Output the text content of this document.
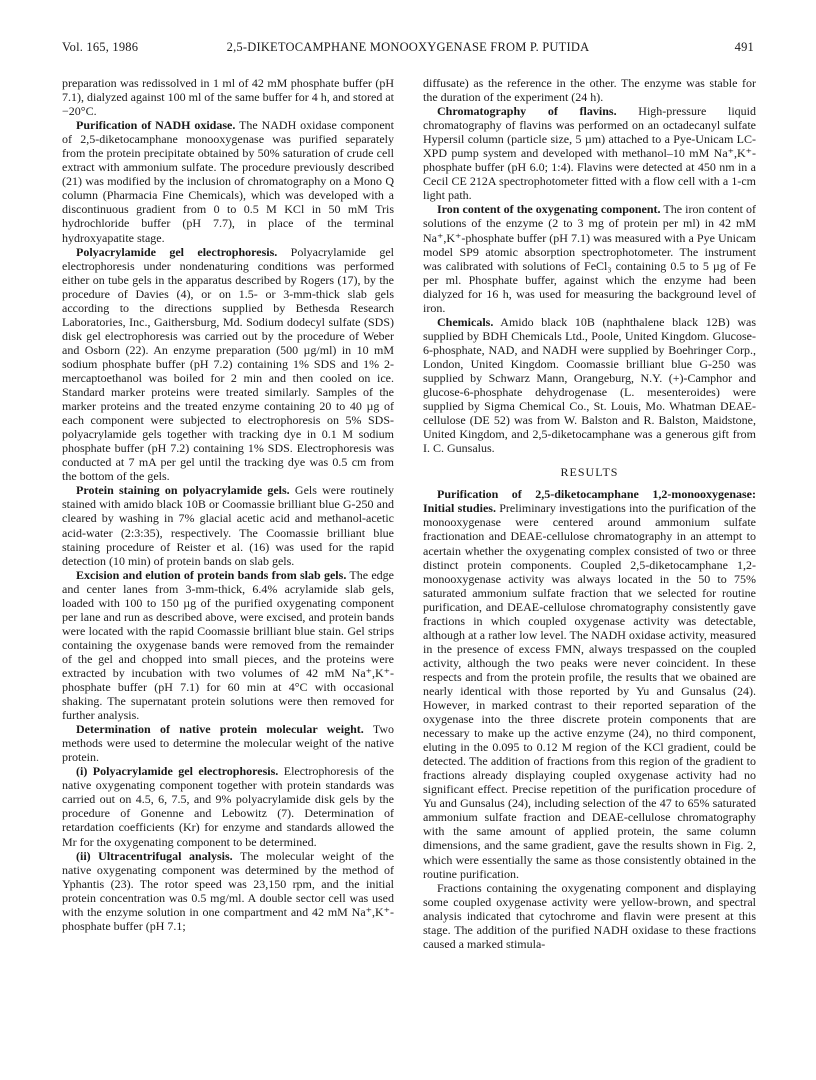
Vol. 165, 1986	2,5-DIKETOCAMPHANE MONOOXYGENASE FROM P. PUTIDA	491

preparation was redissolved in 1 ml of 42 mM phosphate buffer (pH 7.1), dialyzed against 100 ml of the same buffer for 4 h, and stored at −20°C.

Purification of NADH oxidase. The NADH oxidase component of 2,5-diketocamphane monooxygenase was purified separately from the protein precipitate obtained by 50% saturation of crude cell extract with ammonium sulfate. The procedure previously described (21) was modified by the inclusion of chromatography on a Mono Q column (Pharmacia Fine Chemicals), which was developed with a discontinuous gradient from 0 to 0.5 M KCl in 50 mM Tris hydrochloride buffer (pH 7.7), in place of the terminal hydroxyapatite stage.

Polyacrylamide gel electrophoresis. Polyacrylamide gel electrophoresis under nondenaturing conditions was performed either on tube gels in the apparatus described by Rogers (17), by the procedure of Davies (4), or on 1.5- or 3-mm-thick slab gels according to the directions supplied by Bethesda Research Laboratories, Inc., Gaithersburg, Md. Sodium dodecyl sulfate (SDS) disk gel electrophoresis was carried out by the procedure of Weber and Osborn (22). An enzyme preparation (500 µg/ml) in 10 mM sodium phosphate buffer (pH 7.2) containing 1% SDS and 1% 2-mercaptoethanol was boiled for 2 min and then cooled on ice. Standard marker proteins were treated similarly. Samples of the marker proteins and the treated enzyme containing 20 to 40 µg of each component were subjected to electrophoresis on 5% SDS-polyacrylamide gels together with tracking dye in 0.1 M sodium phosphate buffer (pH 7.2) containing 1% SDS. Electrophoresis was conducted at 7 mA per gel until the tracking dye was 0.5 cm from the bottom of the gels.

Protein staining on polyacrylamide gels. Gels were routinely stained with amido black 10B or Coomassie brilliant blue G-250 and cleared by washing in 7% glacial acetic acid and methanol-acetic acid-water (2:3:35), respectively. The Coomassie brilliant blue staining procedure of Reister et al. (16) was used for the rapid detection (10 min) of protein bands on slab gels.

Excision and elution of protein bands from slab gels. The edge and center lanes from 3-mm-thick, 6.4% acrylamide slab gels, loaded with 100 to 150 µg of the purified oxygenating component per lane and run as described above, were excised, and protein bands were located with the rapid Coomassie brilliant blue stain. Gel strips containing the oxygenase bands were removed from the remainder of the gel and chopped into small pieces, and the proteins were extracted by incubation with two volumes of 42 mM Na⁺,K⁺-phosphate buffer (pH 7.1) for 60 min at 4°C with occasional shaking. The supernatant protein solutions were then removed for further analysis.

Determination of native protein molecular weight. Two methods were used to determine the molecular weight of the native protein.

(i) Polyacrylamide gel electrophoresis. Electrophoresis of the native oxygenating component together with protein standards was carried out on 4.5, 6, 7.5, and 9% polyacrylamide disk gels by the procedure of Gonenne and Lebowitz (7). Determination of retardation coefficients (Kr) for enzyme and standards allowed the Mr for the oxygenating component to be determined.

(ii) Ultracentrifugal analysis. The molecular weight of the native oxygenating component was determined by the method of Yphantis (23). The rotor speed was 23,150 rpm, and the initial protein concentration was 0.5 mg/ml. A double sector cell was used with the enzyme solution in one compartment and 42 mM Na⁺,K⁺-phosphate buffer (pH 7.1;

diffusate) as the reference in the other. The enzyme was stable for the duration of the experiment (24 h).

Chromatography of flavins. High-pressure liquid chromatography of flavins was performed on an octadecanyl sulfate Hypersil column (particle size, 5 µm) attached to a Pye-Unicam LC-XPD pump system and developed with methanol–10 mM Na⁺,K⁺-phosphate buffer (pH 6.0; 1:4). Flavins were detected at 450 nm in a Cecil CE 212A spectrophotometer fitted with a flow cell with a 1-cm light path.

Iron content of the oxygenating component. The iron content of solutions of the enzyme (2 to 3 mg of protein per ml) in 42 mM Na⁺,K⁺-phosphate buffer (pH 7.1) was measured with a Pye Unicam model SP9 atomic absorption spectrophotometer. The instrument was calibrated with solutions of FeCl₃ containing 0.5 to 5 µg of Fe per ml. Phosphate buffer, against which the enzyme had been dialyzed for 16 h, was used for measuring the background level of iron.

Chemicals. Amido black 10B (naphthalene black 12B) was supplied by BDH Chemicals Ltd., Poole, United Kingdom. Glucose-6-phosphate, NAD, and NADH were supplied by Boehringer Corp., London, United Kingdom. Coomassie brilliant blue G-250 was supplied by Schwarz Mann, Orangeburg, N.Y. (+)-Camphor and glucose-6-phosphate dehydrogenase (L. mesenteroides) were supplied by Sigma Chemical Co., St. Louis, Mo. Whatman DEAE-cellulose (DE 52) was from W. Balston and R. Balston, Maidstone, United Kingdom, and 2,5-diketocamphane was a generous gift from I. C. Gunsalus.

RESULTS

Purification of 2,5-diketocamphane 1,2-monooxygenase: Initial studies. Preliminary investigations into the purification of the monooxygenase were centered around ammonium sulfate fractionation and DEAE-cellulose chromatography in an attempt to acertain whether the oxygenating complex consisted of two or three distinct protein components. Coupled 2,5-diketocamphane 1,2-monooxygenase activity was always located in the 50 to 75% saturated ammonium sulfate fraction that we selected for routine purification, and DEAE-cellulose chromatography consistently gave fractions in which coupled oxygenase activity was detectable, although at a rather low level. The NADH oxidase activity, measured in the presence of excess FMN, always trespassed on the coupled activity, although the two peaks were never coincident. In these respects and from the protein profile, the results that we obained are nearly identical with those reported by Yu and Gunsalus (24). However, in marked contrast to their reported separation of the oxygenase into the three discrete protein components that are necessary to make up the active enzyme (24), no third component, eluting in the 0.095 to 0.12 M region of the KCl gradient, could be detected. The addition of fractions from this region of the gradient to fractions already displaying coupled oxygenase activity had no significant effect. Precise repetition of the purification procedure of Yu and Gunsalus (24), including selection of the 47 to 65% saturated ammonium sulfate fraction and DEAE-cellulose chromatography with the same amount of applied protein, the same column dimensions, and the same gradient, gave the results shown in Fig. 2, which were essentially the same as those consistently obtained in the routine purification.

Fractions containing the oxygenating component and displaying some coupled oxygenase activity were yellow-brown, and spectral analysis indicated that cytochrome and flavin were present at this stage. The addition of the purified NADH oxidase to these fractions caused a marked stimula-
